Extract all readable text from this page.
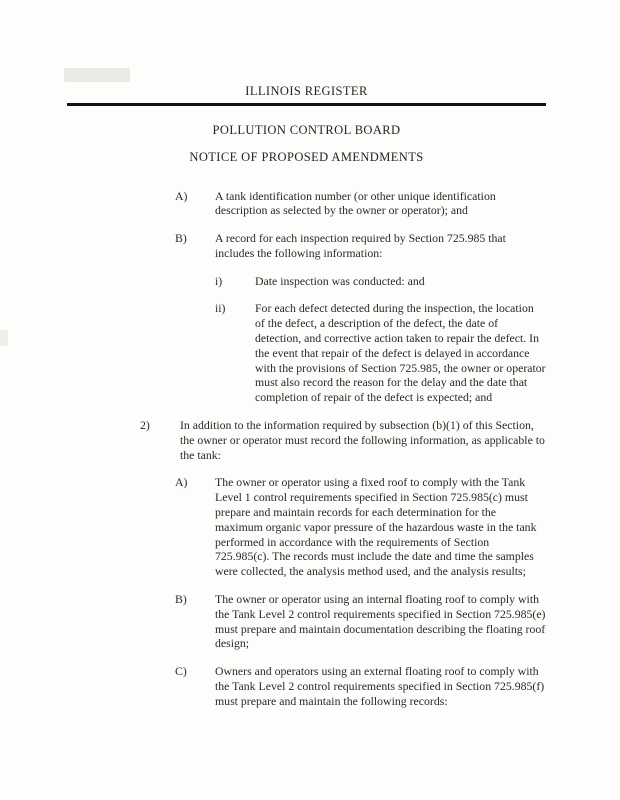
ILLINOIS REGISTER
POLLUTION CONTROL BOARD
NOTICE OF PROPOSED AMENDMENTS
A)	A tank identification number (or other unique identification description as selected by the owner or operator); and
B)	A record for each inspection required by Section 725.985 that includes the following information:
i)	Date inspection was conducted: and
ii)	For each defect detected during the inspection, the location of the defect, a description of the defect, the date of detection, and corrective action taken to repair the defect. In the event that repair of the defect is delayed in accordance with the provisions of Section 725.985, the owner or operator must also record the reason for the delay and the date that completion of repair of the defect is expected; and
2)	In addition to the information required by subsection (b)(1) of this Section, the owner or operator must record the following information, as applicable to the tank:
A)	The owner or operator using a fixed roof to comply with the Tank Level 1 control requirements specified in Section 725.985(c) must prepare and maintain records for each determination for the maximum organic vapor pressure of the hazardous waste in the tank performed in accordance with the requirements of Section 725.985(c). The records must include the date and time the samples were collected, the analysis method used, and the analysis results;
B)	The owner or operator using an internal floating roof to comply with the Tank Level 2 control requirements specified in Section 725.985(e) must prepare and maintain documentation describing the floating roof design;
C)	Owners and operators using an external floating roof to comply with the Tank Level 2 control requirements specified in Section 725.985(f) must prepare and maintain the following records:
